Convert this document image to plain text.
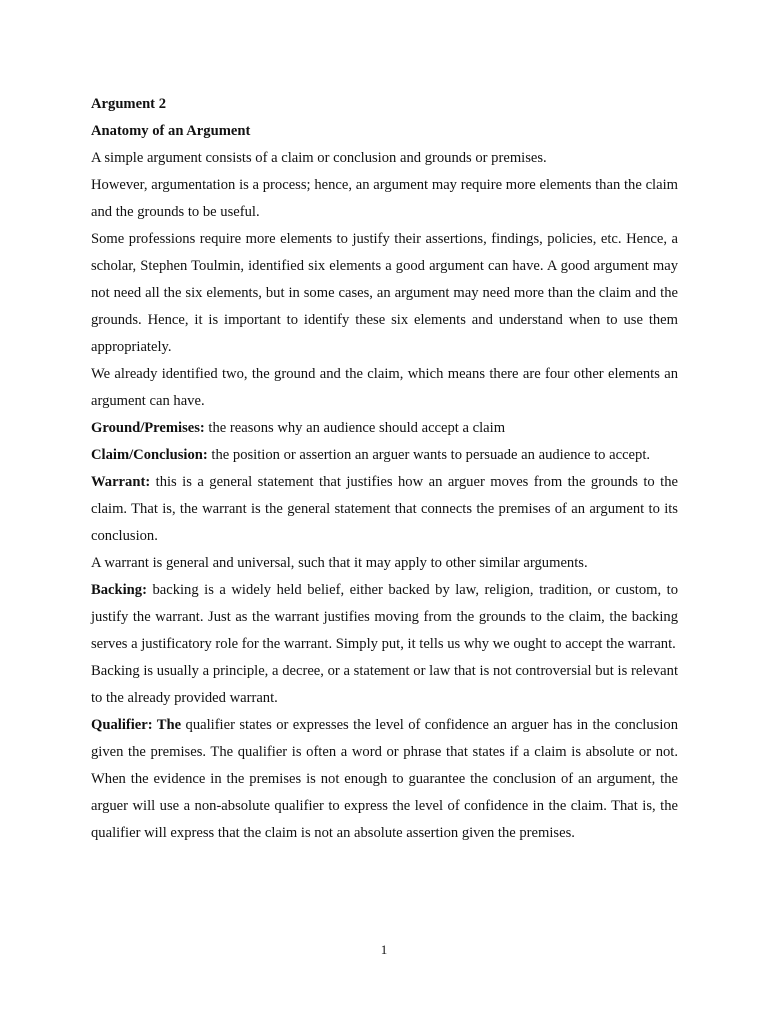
Argument 2

Anatomy of an Argument

A simple argument consists of a claim or conclusion and grounds or premises.

However, argumentation is a process; hence, an argument may require more elements than the claim and the grounds to be useful.

Some professions require more elements to justify their assertions, findings, policies, etc. Hence, a scholar, Stephen Toulmin, identified six elements a good argument can have. A good argument may not need all the six elements, but in some cases, an argument may need more than the claim and the grounds. Hence, it is important to identify these six elements and understand when to use them appropriately.

We already identified two, the ground and the claim, which means there are four other elements an argument can have.

Ground/Premises: the reasons why an audience should accept a claim

Claim/Conclusion: the position or assertion an arguer wants to persuade an audience to accept.

Warrant: this is a general statement that justifies how an arguer moves from the grounds to the claim. That is, the warrant is the general statement that connects the premises of an argument to its conclusion.

A warrant is general and universal, such that it may apply to other similar arguments.

Backing: backing is a widely held belief, either backed by law, religion, tradition, or custom, to justify the warrant. Just as the warrant justifies moving from the grounds to the claim, the backing serves a justificatory role for the warrant. Simply put, it tells us why we ought to accept the warrant.

Backing is usually a principle, a decree, or a statement or law that is not controversial but is relevant to the already provided warrant.

Qualifier: The qualifier states or expresses the level of confidence an arguer has in the conclusion given the premises. The qualifier is often a word or phrase that states if a claim is absolute or not. When the evidence in the premises is not enough to guarantee the conclusion of an argument, the arguer will use a non-absolute qualifier to express the level of confidence in the claim. That is, the qualifier will express that the claim is not an absolute assertion given the premises.

1
